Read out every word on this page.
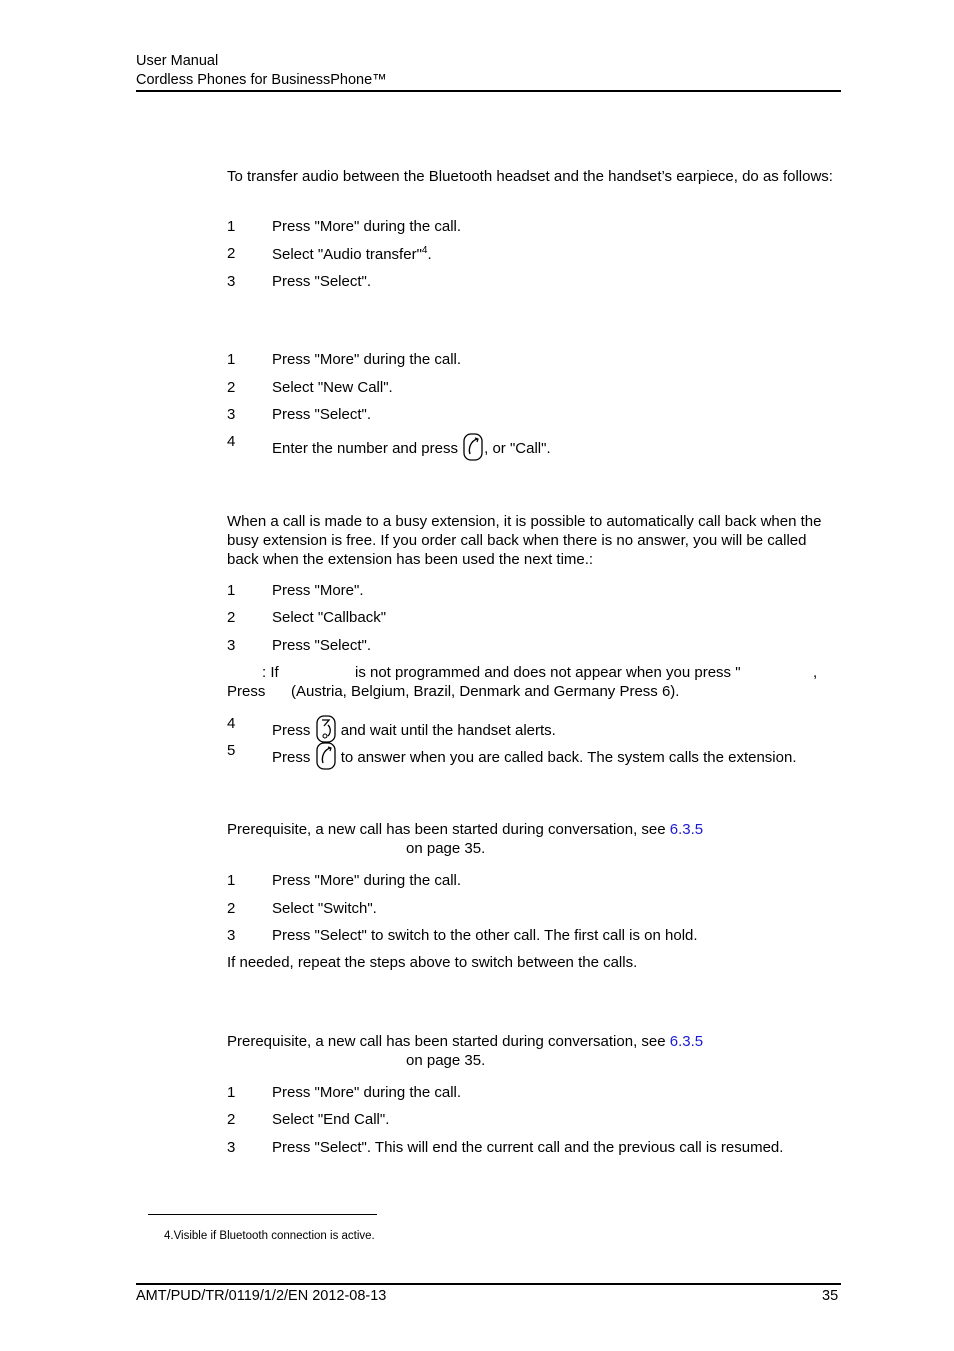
User Manual
Cordless Phones for BusinessPhone™
To transfer audio between the Bluetooth headset and the handset’s earpiece, do as follows:
1 Press "More" during the call.
2 Select "Audio transfer"$^4$.
3 Press "Select".
1 Press "More" during the call.
2 Select "New Call".
3 Press "Select".
4 Enter the number and press , or "Call".
When a call is made to a busy extension, it is possible to automatically call back when the busy extension is free. If you order call back when there is no answer, you will be called back when the extension has been used the next time.:
1 Press "More".
2 Select "Callback"
3 Press "Select".
: If	is not programmed and does not appear when you press "	,
Press (Austria, Belgium, Brazil, Denmark and Germany Press 6).
4 Press and wait until the handset alerts.
5 Press to answer when you are called back. The system calls the extension.
Prerequisite, a new call has been started during conversation, see 6.3.5
on page 35.
1 Press "More" during the call.
2 Select "Switch".
3 Press "Select" to switch to the other call. The first call is on hold.
If needed, repeat the steps above to switch between the calls.
Prerequisite, a new call has been started during conversation, see 6.3.5
on page 35.
1 Press "More" during the call.
2 Select "End Call".
3 Press "Select". This will end the current call and the previous call is resumed.
4.Visible if Bluetooth connection is active.
AMT/PUD/TR/0119/1/2/EN 2012-08-13	35
